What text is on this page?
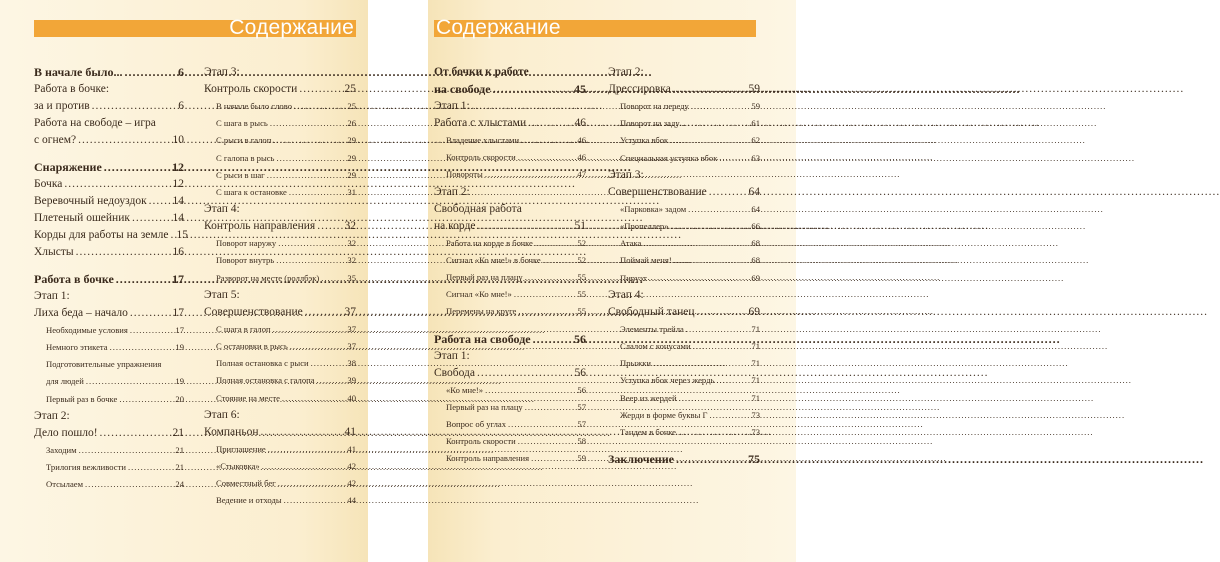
Содержание	Содержание
В начале было... .....	6
Работа в бочке:
за и против .....	6
Работа на свободе – игра
с огнем? .....	10
Снаряжение .....	12
Бочка .....	12
Веревочный недоуздок ..... 14
Плетеный ошейник .....	14
Корды для работы на земле ..... 15
Хлысты .....	16
Работа в бочке .....	17
Этап 1:
Лиха беда – начало .....	17
Необходимые условия .....	17
Немного этикета .....	19
Подготовительные упражнения
для людей .....	19
Первый раз в бочке .....	20
Этап 2:
Дело пошло! .....	21
Заходим .....	21
Трилогия вежливости .....	21
Отсылаем .....	24
Этап 3:
Контроль скорости .....	25
В начале было слово .....	25
С шага в рысь .....	26
С рыси в галоп .....	29
С галопа в рысь .....	29
С рыси в шаг .....	29
С шагa к остановке .....	31
Этап 4:
Контроль направления .....	32
Поворот наружу .....	32
Поворот внутрь .....	32
Разворот на месте (роллбэк) .....	35
Этап 5:
Совершенствование .....	37
С шагa в галоп .....	37
С остановки в рысь .....	37
Полная остановка с рыси .....	38
Полная остановка с галопа .....	39
Стояние на месте .....	40
Этап 6:
Компаньон .....	41
Приглашение .....	41
«Стыковка» .....	42
Совместный бег .....	42
Ведение и отходы .....	44
От бочки к работе
на свободе .....	45
Этап 1:
Работа с хлыстами .....	46
Владение хлыстами .....	46
Контроль скорости .....	46
Повороты .....	47
Этап 2:
Свободная работа
на корде .....	51
Работа на корде в бочке .....	52
Сигнал «Ко мне!» в бочке .....	52
Первый раз на плацу .....	55
Сигнал «Ко мне!» .....	55
Перемены на круге .....	55
Работа на свободе .....	56
Этап 1:
Свобода .....	56
«Ко мне!» .....	56
Первый раз на плацу .....	57
Вопрос об углах .....	57
Контроль скорости .....	58
Контроль направления .....	59
Этап 2:
Дрессировка .....	59
Поворот на переду .....	59
Поворот на заду .....	61
Уступка вбок .....	62
Специальная уступка вбок .....	63
Этап 3:
Совершенствование .....	64
«Парковка» задом .....	64
«Пропеллер» .....	66
Атака .....	68
Поймай меня! .....	68
Пируэт .....	69
Этап 4:
Свободный танец .....	69
Элементы трейла .....	71
Слалом с конусами .....	71
Прыжки .....	71
Уступка вбок через жердь .....	71
Веер из жердей .....	71
Жерди в форме буквы Г .....	73
Тандем в бочке .....	73
Заключение .....	75
